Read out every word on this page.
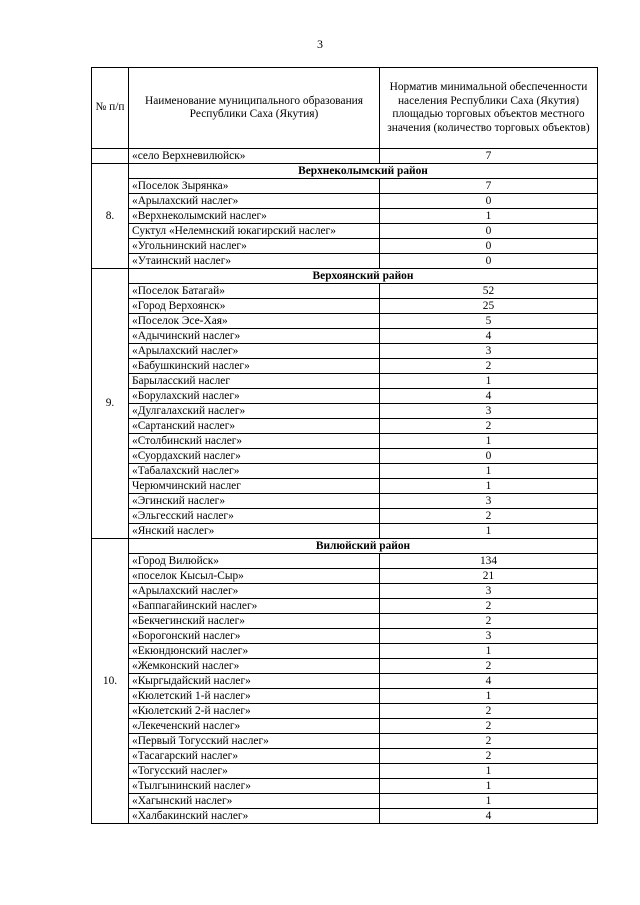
3
№ п/п	Наименование муниципального образования Республики Саха (Якутия)	Норматив минимальной обеспеченности населения Республики Саха (Якутия) площадью торговых объектов местного значения (количество торговых объектов)
	«село Верхневилюйск»	7
8.	Верхнеколымский район	
	«Поселок Зырянка»	7
	«Арылахский наслег»	0
	«Верхнеколымский наслег»	1
	Суктул «Нелемнский юкагирский наслег»	0
	«Угольнинский наслег»	0
	«Утаинский наслег»	0
9.	Верхоянский район	
	«Поселок Батагай»	52
	«Город Верхоянск»	25
	«Поселок Эсе-Хая»	5
	«Адычинский наслег»	4
	«Арылахский наслег»	3
	«Бабушкинский наслег»	2
	Барыласский наслег	1
	«Борулахский наслег»	4
	«Дулгалахский наслег»	3
	«Сартанский наслег»	2
	«Столбинский наслег»	1
	«Суордахский наслег»	0
	«Табалахский наслег»	1
	Черюмчинский наслег	1
	«Эгинский наслег»	3
	«Эльгесский наслег»	2
	«Янский наслег»	1
10.	Вилюйский район	
	«Город Вилюйск»	134
	«поселок Кысыл-Сыр»	21
	«Арылахский наслег»	3
	«Баппагайинский наслег»	2
	«Бекчегинский наслег»	2
	«Борогонский наслег»	3
	«Екюндюнский наслег»	1
	«Жемконский наслег»	2
	«Кыргыдайский наслег»	4
	«Кюлетский 1-й наслег»	1
	«Кюлетский 2-й наслег»	2
	«Лекеченский наслег»	2
	«Первый Тогусский наслег»	2
	«Тасагарский наслег»	2
	«Тогусский наслег»	1
	«Тылгынинский наслег»	1
	«Хагынский наслег»	1
	«Халбакинский наслег»	4
